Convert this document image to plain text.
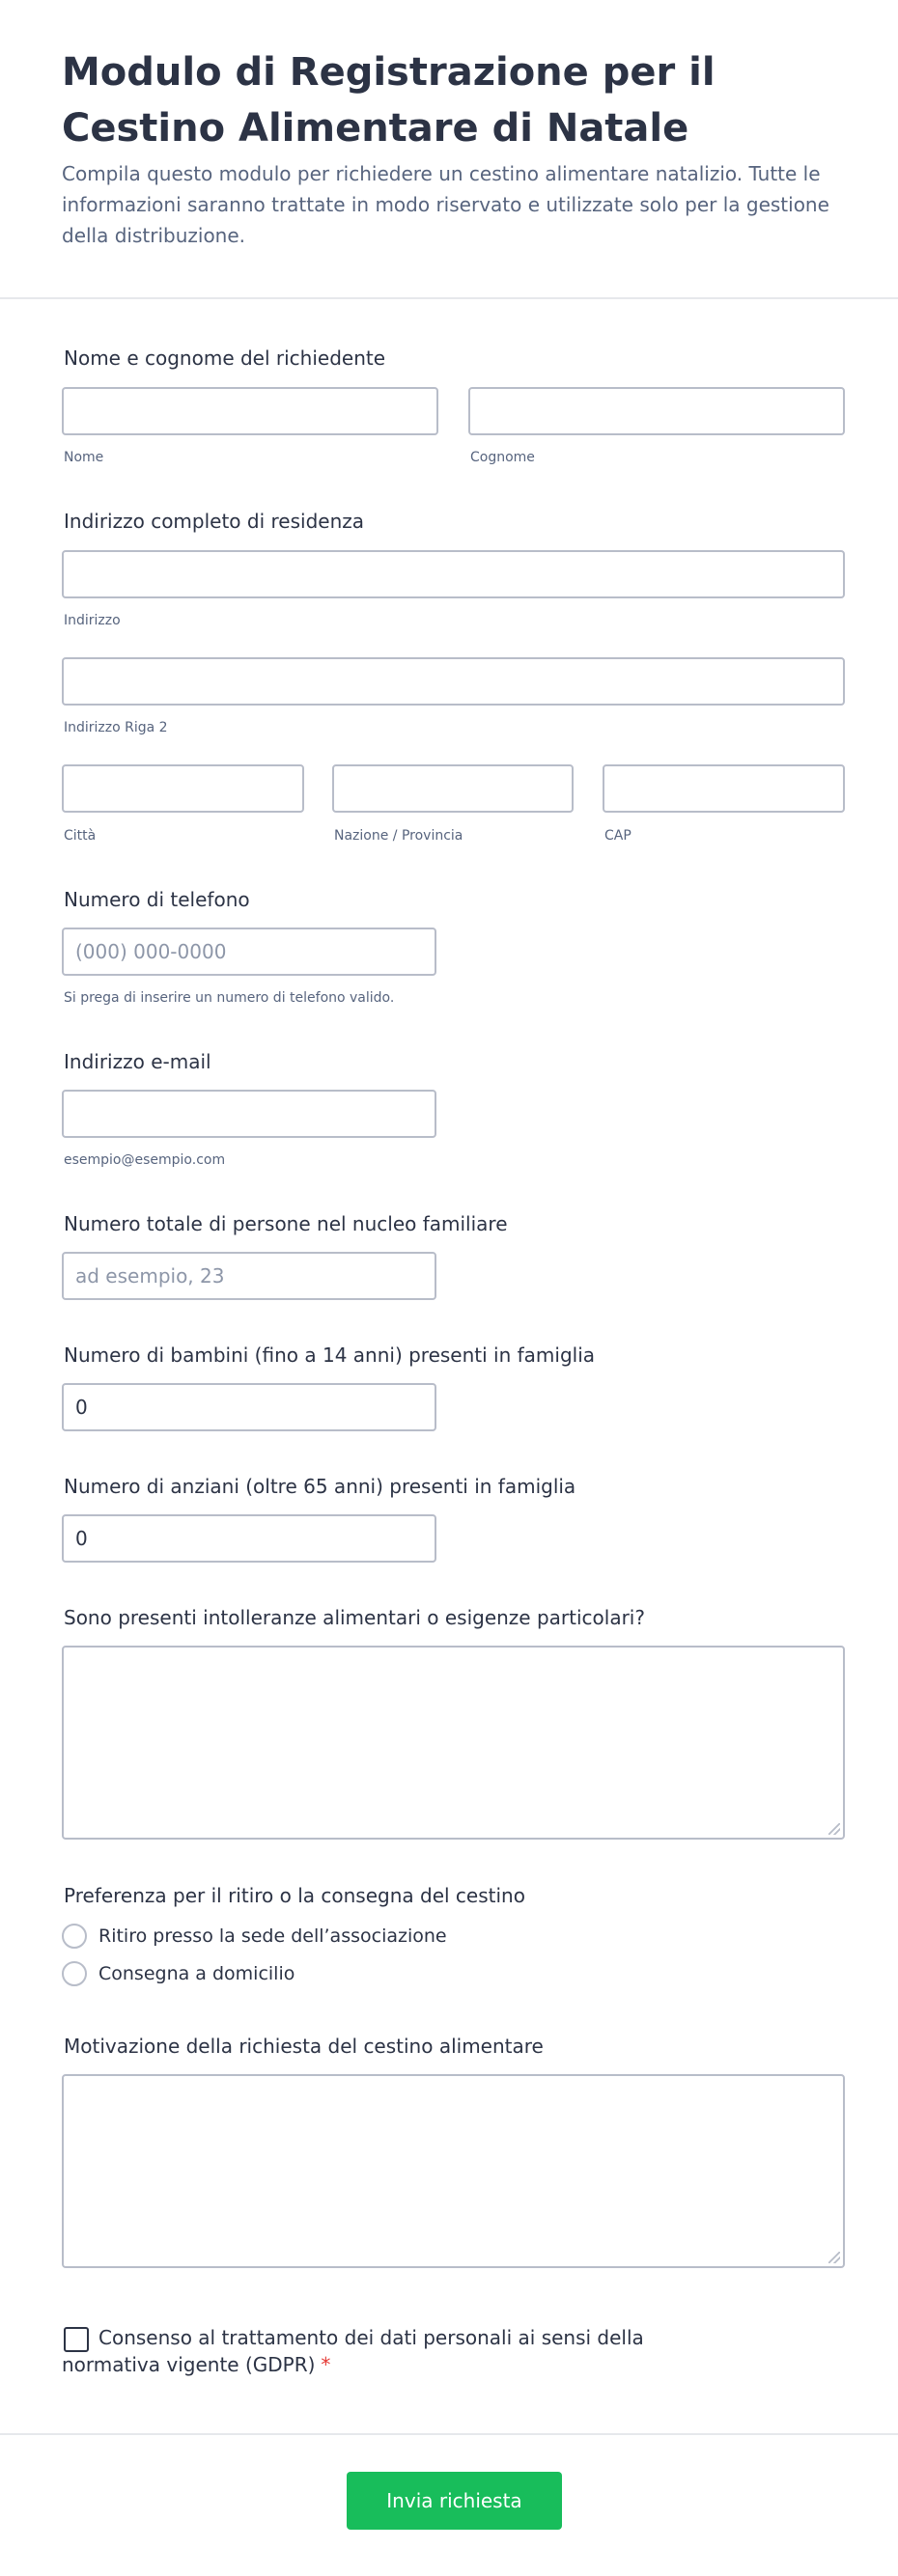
Modulo di Registrazione per il Cestino Alimentare di Natale

Compila questo modulo per richiedere un cestino alimentare natalizio. Tutte le informazioni saranno trattate in modo riservato e utilizzate solo per la gestione della distribuzione.

Nome e cognome del richiedente
Nome	Cognome
Indirizzo completo di residenza
Indirizzo
Indirizzo Riga 2
Città	Nazione / Provincia	CAP
Numero di telefono
(000) 000-0000
Si prega di inserire un numero di telefono valido.
Indirizzo e-mail
esempio@esempio.com
Numero totale di persone nel nucleo familiare
ad esempio, 23
Numero di bambini (fino a 14 anni) presenti in famiglia
0
Numero di anziani (oltre 65 anni) presenti in famiglia
0
Sono presenti intolleranze alimentari o esigenze particolari?
Preferenza per il ritiro o la consegna del cestino
Ritiro presso la sede dell’associazione
Consegna a domicilio
Motivazione della richiesta del cestino alimentare
Consenso al trattamento dei dati personali ai sensi della normativa vigente (GDPR) *
Invia richiesta
